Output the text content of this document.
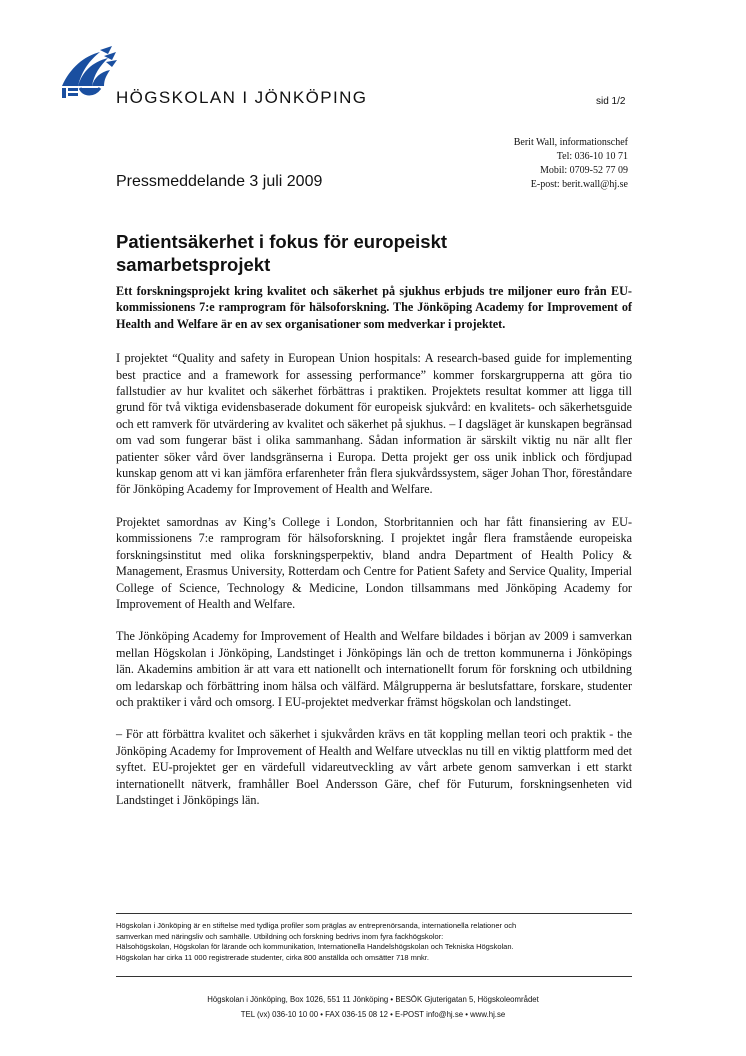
HÖGSKOLAN I JÖNKÖPING	sid 1/2
Berit Wall, informationschef
Tel: 036-10 10 71
Mobil: 0709-52 77 09
E-post: berit.wall@hj.se
Pressmeddelande 3 juli 2009
Patientsäkerhet i fokus för europeiskt
samarbetsprojekt

Ett forskningsprojekt kring kvalitet och säkerhet på sjukhus erbjuds tre miljoner euro från EU-kommissionens 7:e ramprogram för hälsoforskning. The Jönköping Academy for Improvement of Health and Welfare är en av sex organisationer som medverkar i projektet.

I projektet “Quality and safety in European Union hospitals: A research-based guide for implementing best practice and a framework for assessing performance” kommer forskargrupperna att göra tio fallstudier av hur kvalitet och säkerhet förbättras i praktiken. Projektets resultat kommer att ligga till grund för två viktiga evidensbaserade dokument för europeisk sjukvård: en kvalitets- och säkerhetsguide och ett ramverk för utvärdering av kvalitet och säkerhet på sjukhus. – I dagsläget är kunskapen begränsad om vad som fungerar bäst i olika sammanhang. Sådan information är särskilt viktig nu när allt fler patienter söker vård över landsgränserna i Europa. Detta projekt ger oss unik inblick och fördjupad kunskap genom att vi kan jämföra erfarenheter från flera sjukvårdssystem, säger Johan Thor, föreståndare för Jönköping Academy for Improvement of Health and Welfare.

Projektet samordnas av King’s College i London, Storbritannien och har fått finansiering av EU-kommissionens 7:e ramprogram för hälsoforskning. I projektet ingår flera framstående europeiska forskningsinstitut med olika forskningsperpektiv, bland andra Department of Health Policy & Management, Erasmus University, Rotterdam och Centre for Patient Safety and Service Quality, Imperial College of Science, Technology & Medicine, London tillsammans med Jönköping Academy for Improvement of Health and Welfare.

The Jönköping Academy for Improvement of Health and Welfare bildades i början av 2009 i samverkan mellan Högskolan i Jönköping, Landstinget i Jönköpings län och de tretton kommunerna i Jönköpings län. Akademins ambition är att vara ett nationellt och internationellt forum för forskning och utbildning om ledarskap och förbättring inom hälsa och välfärd. Målgrupperna är beslutsfattare, forskare, studenter och praktiker i vård och omsorg. I EU-projektet medverkar främst högskolan och landstinget.

– För att förbättra kvalitet och säkerhet i sjukvården krävs en tät koppling mellan teori och praktik - the Jönköping Academy for Improvement of Health and Welfare utvecklas nu till en viktig plattform med det syftet. EU-projektet ger en värdefull vidareutveckling av vårt arbete genom samverkan i ett starkt internationellt nätverk, framhåller Boel Andersson Gäre, chef för Futurum, forskningsenheten vid Landstinget i Jönköpings län.

Högskolan i Jönköping är en stiftelse med tydliga profiler som präglas av entreprenörsanda, internationella relationer och
samverkan med näringsliv och samhälle. Utbildning och forskning bedrivs inom fyra fackhögskolor:
Hälsohögskolan, Högskolan för lärande och kommunikation, Internationella Handelshögskolan och Tekniska Högskolan.
Högskolan har cirka 11 000 registrerade studenter, cirka 800 anställda och omsätter 718 mnkr.
Högskolan i Jönköping, Box 1026, 551 11 Jönköping • BESÖK Gjuterigatan 5, Högskoleområdet
TEL (vx) 036-10 10 00 • FAX 036-15 08 12 • E-POST info@hj.se • www.hj.se
